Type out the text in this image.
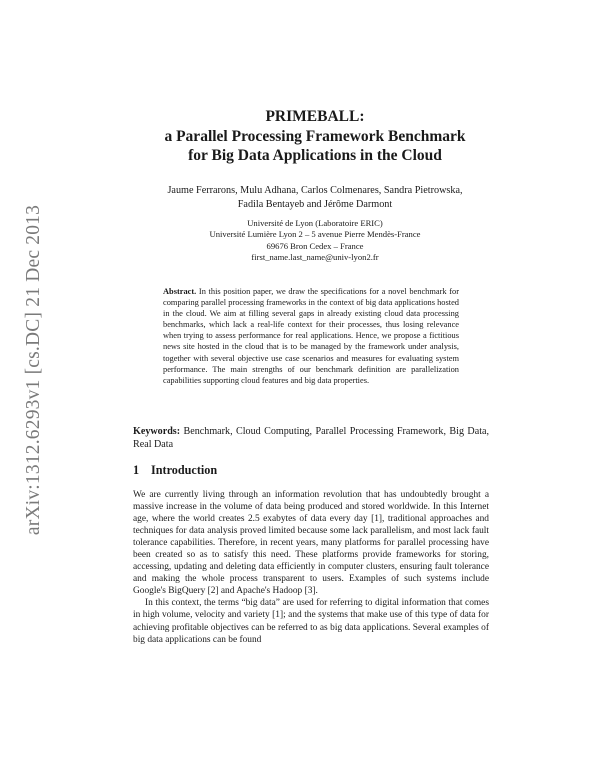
arXiv:1312.6293v1 [cs.DC] 21 Dec 2013
PRIMEBALL:
a Parallel Processing Framework Benchmark
for Big Data Applications in the Cloud
Jaume Ferrarons, Mulu Adhana, Carlos Colmenares, Sandra Pietrowska,
Fadila Bentayeb and Jérôme Darmont
Université de Lyon (Laboratoire ERIC)
Université Lumière Lyon 2 – 5 avenue Pierre Mendès-France
69676 Bron Cedex – France
first_name.last_name@univ-lyon2.fr
Abstract. In this position paper, we draw the specifications for a novel benchmark for comparing parallel processing frameworks in the context of big data applications hosted in the cloud. We aim at filling several gaps in already existing cloud data processing benchmarks, which lack a real-life context for their processes, thus losing relevance when trying to assess performance for real applications. Hence, we propose a fictitious news site hosted in the cloud that is to be managed by the framework under analysis, together with several objective use case scenarios and measures for evaluating system performance. The main strengths of our benchmark definition are parallelization capabilities supporting cloud features and big data properties.
Keywords: Benchmark, Cloud Computing, Parallel Processing Framework, Big Data, Real Data
1 Introduction

We are currently living through an information revolution that has undoubtedly brought a massive increase in the volume of data being produced and stored worldwide. In this Internet age, where the world creates 2.5 exabytes of data every day [1], traditional approaches and techniques for data analysis proved limited because some lack parallelism, and most lack fault tolerance capabilities. Therefore, in recent years, many platforms for parallel processing have been created so as to satisfy this need. These platforms provide frameworks for storing, accessing, updating and deleting data efficiently in computer clusters, ensuring fault tolerance and making the whole process transparent to users. Examples of such systems include Google's BigQuery [2] and Apache's Hadoop [3].

In this context, the terms “big data” are used for referring to digital information that comes in high volume, velocity and variety [1]; and the systems that make use of this type of data for achieving profitable objectives can be referred to as big data applications. Several examples of big data applications can be found
